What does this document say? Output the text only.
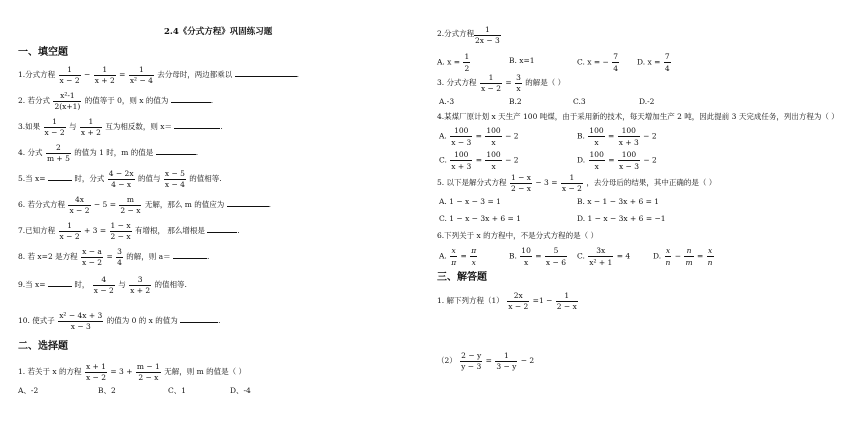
2.4《分式方程》巩固练习题
一、填空题
1.分式方程 $\frac{1}{x - 2} - \frac{1}{x + 2} = \frac{1}{\text{x² − 4}}$ 去分母时，两边都乘以	.
2. 若分式 $\frac{\text{x²-1}}{2(x+1)}$ 的值等于 0，则 x 的值为	.
3.如果 $\frac{1}{x - 2}$ 与 $\frac{1}{x + 2}$ 互为相反数，则 x＝	.
4. 分式 $\frac{2}{m + 5}$ 的值为 1 时，m 的值是	.
5.当 x=	时，分式 $\frac{4 - 2x}{4 - x}$ 的值与 $\frac{x - 5}{x - 4}$ 的值相等.
6. 若分式方程 $\frac{4x}{x - 2} - 5 = \frac{m}{2 - x}$ 无解，那么 m 的值应为	.
7.已知方程 $\frac{1}{x - 2} + 3 = \frac{1 - x}{2 - x}$ 有增根， 那么增根是	.
8. 若 x=2 是方程 $\frac{x - a}{x - 2} = \frac{3}{4}$ 的解，则 a＝	.
9.当 x=	时， $\frac{4}{x - 2}$ 与 $\frac{3}{x + 2}$ 的值相等.
10. 使式子 $\frac{\text{x² − 4x + 3}}{x - 3}$ 的值为 0 的 x 的值为	.
二、选择题
1. 若关于 x 的方程 $\frac{x + 1}{x - 2} = 3 + \frac{m - 1}{2 - x}$ 无解，则 m 的值是（ ）
A、-2	B、2	C、1	D、-4
2.分式方程 $\frac{1}{2x - 3}$
A. $x = \frac{1}{2}$	B. x=1	C. x = − $\frac{7}{4} D$. $x = \frac{7}{4}$
3. 分式方程 $\frac{1}{x - 2} = \frac{3}{x}$ 的解是（ ）
A.-3	B.2	C.3	D.-2
4.某煤厂原计划 x 天生产 100 吨煤，由于采用新的技术，每天增加生产 2 吨，因此提前 3 天完成任务，列出方程为（ ）
A. $\frac{100}{x - 3} = \frac{100}{x} - 2$	B. $\frac{100}{x} = \frac{100}{x + 3} - 2$
C. $\frac{100}{x + 3} = \frac{100}{x} - 2$	D. $\frac{100}{x} = \frac{100}{x - 3} - 2$
5. 以下是解分式方程 $\frac{1 - x}{2 - x} - 3 = \frac{1}{x - 2}$ ，去分母后的结果，其中正确的是（ ）
A. 1 − x − 3 = 1	B. x − 1 − 3x + 6 = 1
C. 1 − x − 3x + 6 = 1	D. 1 − x − 3x + 6 = −1
6.下列关于 x 的方程中，不是分式方程的是（ ）
A. $\frac{x}{\pi} = \frac{\pi}{x}$	B. $\frac{10}{x} = \frac{5}{x - 6} C$. $\frac{3x}{\text{x² + 1}} = 4$	D. $\frac{x}{n} - \frac{n}{m} = \frac{x}{n}$
三、解答题
1. 解下列方程$(1) \frac{2x}{x - 2} =1 - \frac{1}{2 - x}$
$(2) \frac{2 - y}{y - 3} = \frac{1}{3 - y} - 2$
